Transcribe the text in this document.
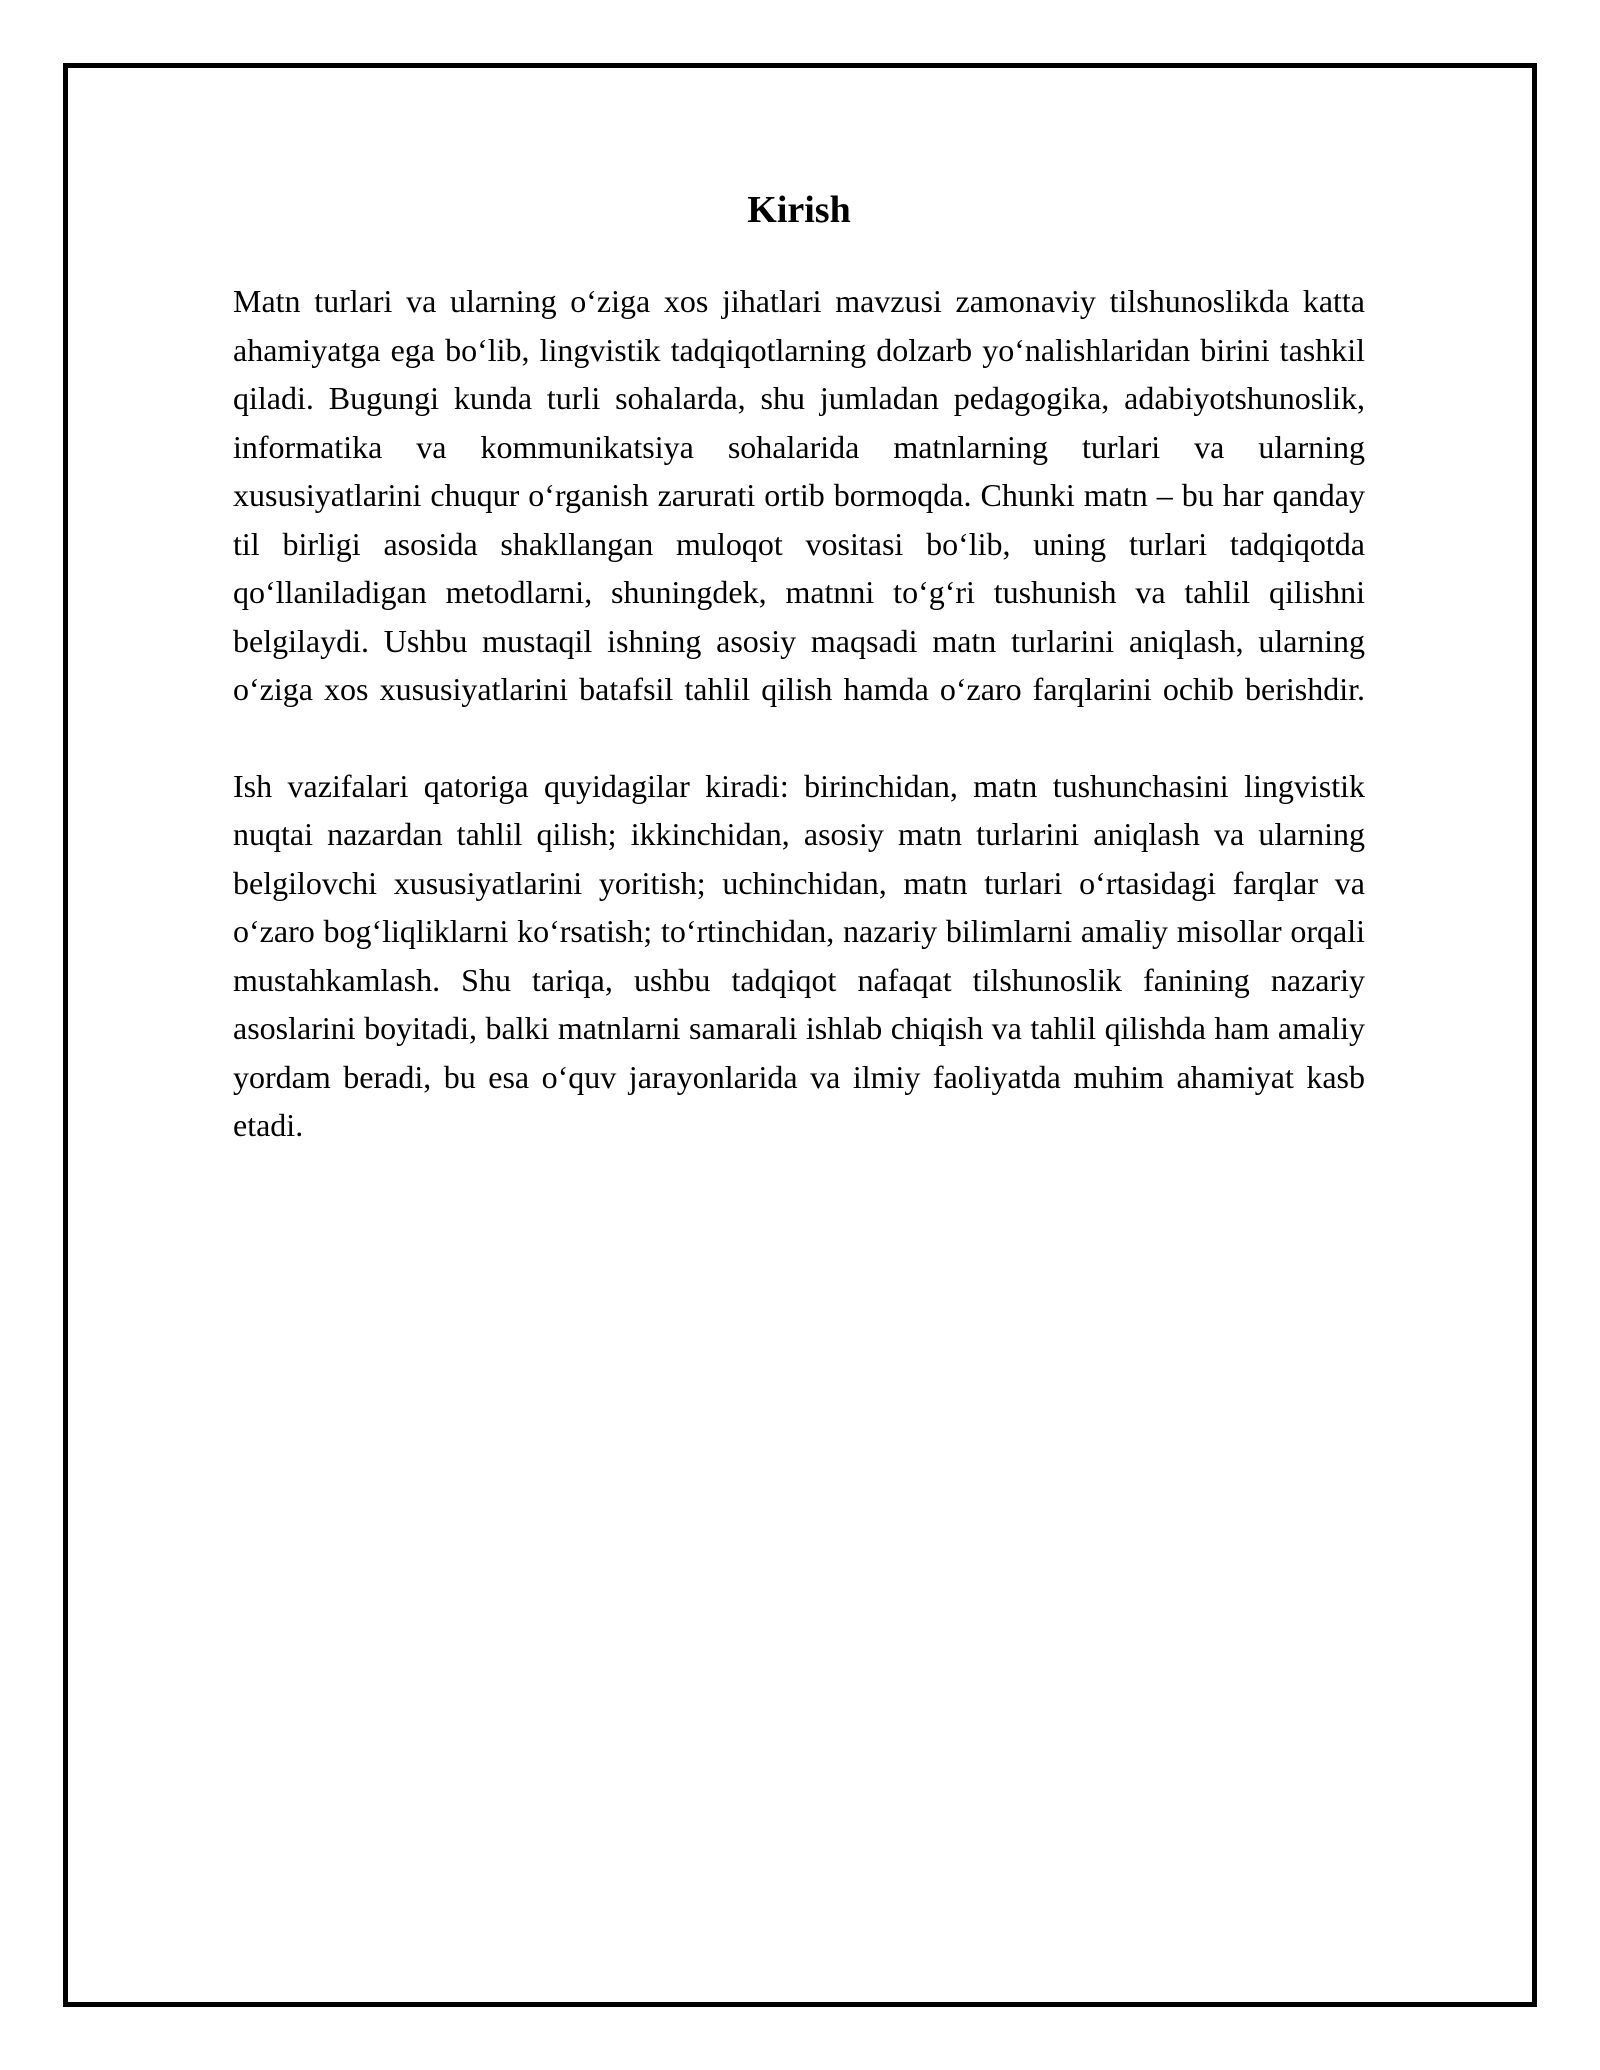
Kirish

Matn turlari va ularning oʻziga xos jihatlari mavzusi zamonaviy tilshunoslikda katta ahamiyatga ega boʻlib, lingvistik tadqiqotlarning dolzarb yoʻnalishlaridan birini tashkil qiladi. Bugungi kunda turli sohalarda, shu jumladan pedagogika, adabiyotshunoslik, informatika va kommunikatsiya sohalarida matnlarning turlari va ularning xususiyatlarini chuqur oʻrganish zarurati ortib bormoqda. Chunki matn – bu har qanday til birligi asosida shakllangan muloqot vositasi boʻlib, uning turlari tadqiqotda qoʻllaniladigan metodlarni, shuningdek, matnni toʻgʻri tushunish va tahlil qilishni belgilaydi. Ushbu mustaqil ishning asosiy maqsadi matn turlarini aniqlash, ularning oʻziga xos xususiyatlarini batafsil tahlil qilish hamda oʻzaro farqlarini ochib berishdir.

Ish vazifalari qatoriga quyidagilar kiradi: birinchidan, matn tushunchasini lingvistik nuqtai nazardan tahlil qilish; ikkinchidan, asosiy matn turlarini aniqlash va ularning belgilovchi xususiyatlarini yoritish; uchinchidan, matn turlari oʻrtasidagi farqlar va oʻzaro bogʻliqliklarni koʻrsatish; toʻrtinchidan, nazariy bilimlarni amaliy misollar orqali mustahkamlash. Shu tariqa, ushbu tadqiqot nafaqat tilshunoslik fanining nazariy asoslarini boyitadi, balki matnlarni samarali ishlab chiqish va tahlil qilishda ham amaliy yordam beradi, bu esa oʻquv jarayonlarida va ilmiy faoliyatda muhim ahamiyat kasb etadi.
